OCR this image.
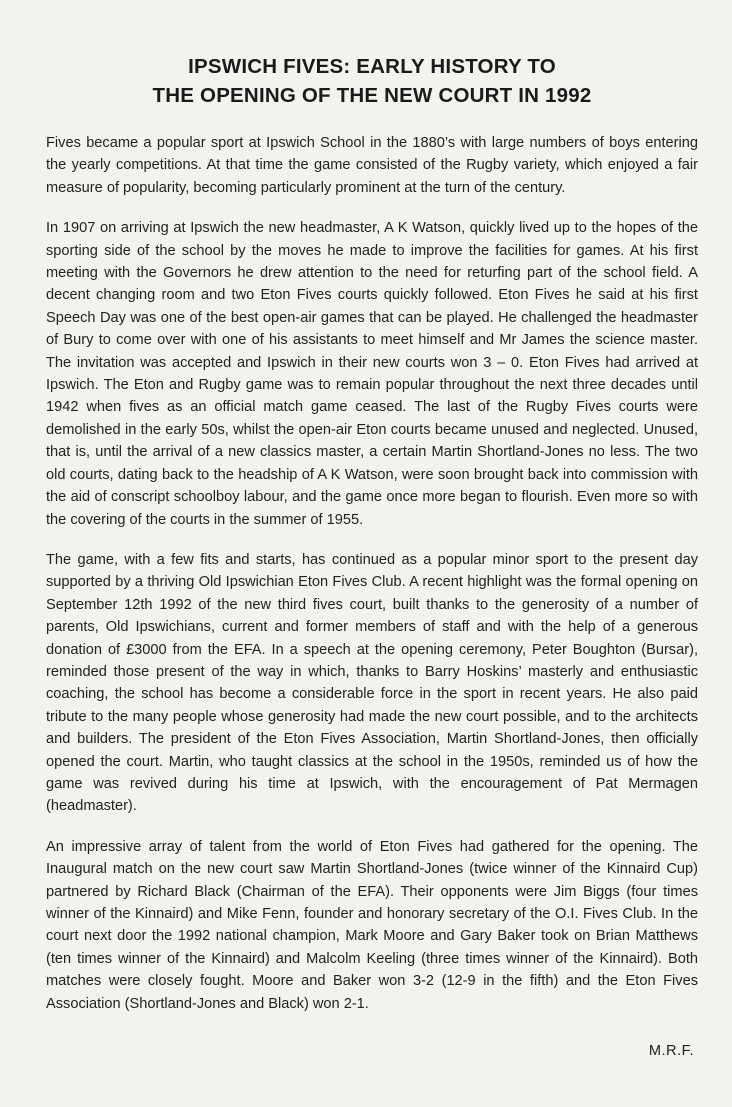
IPSWICH FIVES: EARLY HISTORY TO
THE OPENING OF THE NEW COURT IN 1992

Fives became a popular sport at Ipswich School in the 1880’s with large numbers of boys entering the yearly competitions. At that time the game consisted of the Rugby variety, which enjoyed a fair measure of popularity, becoming particularly prominent at the turn of the century.

In 1907 on arriving at Ipswich the new headmaster, A K Watson, quickly lived up to the hopes of the sporting side of the school by the moves he made to improve the facilities for games. At his first meeting with the Governors he drew attention to the need for returfing part of the school field. A decent changing room and two Eton Fives courts quickly followed. Eton Fives he said at his first Speech Day was one of the best open-air games that can be played. He challenged the headmaster of Bury to come over with one of his assistants to meet himself and Mr James the science master. The invitation was accepted and Ipswich in their new courts won 3 – 0. Eton Fives had arrived at Ipswich. The Eton and Rugby game was to remain popular throughout the next three decades until 1942 when fives as an official match game ceased. The last of the Rugby Fives courts were demolished in the early 50s, whilst the open-air Eton courts became unused and neglected. Unused, that is, until the arrival of a new classics master, a certain Martin Shortland-Jones no less. The two old courts, dating back to the headship of A K Watson, were soon brought back into commission with the aid of conscript schoolboy labour, and the game once more began to flourish. Even more so with the covering of the courts in the summer of 1955.

The game, with a few fits and starts, has continued as a popular minor sport to the present day supported by a thriving Old Ipswichian Eton Fives Club. A recent highlight was the formal opening on September 12th 1992 of the new third fives court, built thanks to the generosity of a number of parents, Old Ipswichians, current and former members of staff and with the help of a generous donation of £3000 from the EFA. In a speech at the opening ceremony, Peter Boughton (Bursar), reminded those present of the way in which, thanks to Barry Hoskins’ masterly and enthusiastic coaching, the school has become a considerable force in the sport in recent years. He also paid tribute to the many people whose generosity had made the new court possible, and to the architects and builders. The president of the Eton Fives Association, Martin Shortland-Jones, then officially opened the court. Martin, who taught classics at the school in the 1950s, reminded us of how the game was revived during his time at Ipswich, with the encouragement of Pat Mermagen (headmaster).

An impressive array of talent from the world of Eton Fives had gathered for the opening. The Inaugural match on the new court saw Martin Shortland-Jones (twice winner of the Kinnaird Cup) partnered by Richard Black (Chairman of the EFA). Their opponents were Jim Biggs (four times winner of the Kinnaird) and Mike Fenn, founder and honorary secretary of the O.I. Fives Club. In the court next door the 1992 national champion, Mark Moore and Gary Baker took on Brian Matthews (ten times winner of the Kinnaird) and Malcolm Keeling (three times winner of the Kinnaird). Both matches were closely fought. Moore and Baker won 3-2 (12-9 in the fifth) and the Eton Fives Association (Shortland-Jones and Black) won 2-1.

M.R.F.
